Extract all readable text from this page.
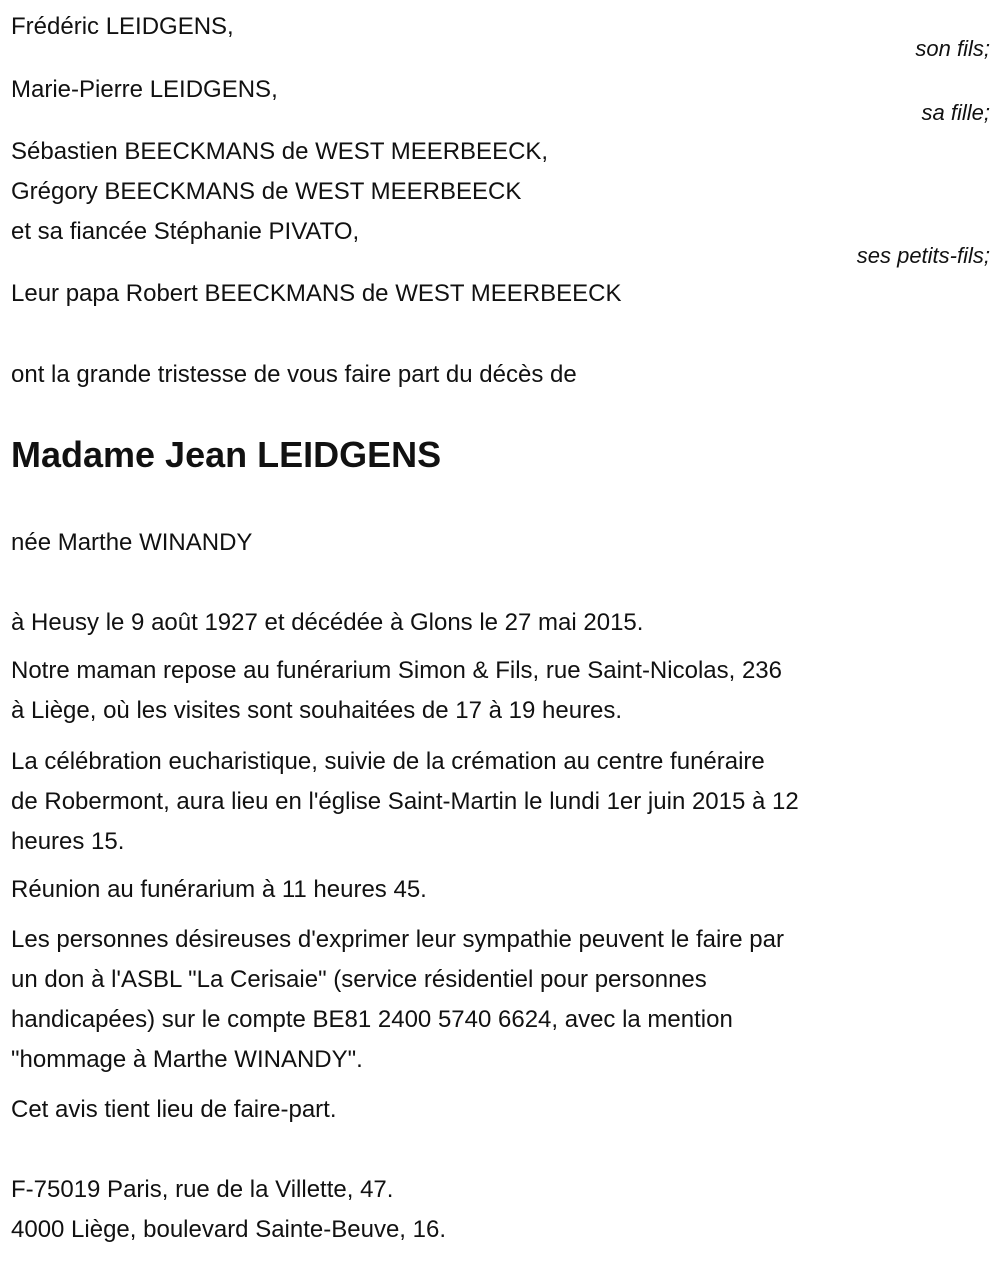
Frédéric LEIDGENS,
son fils;
Marie-Pierre LEIDGENS,
sa fille;
Sébastien BEECKMANS de WEST MEERBEECK,
Grégory BEECKMANS de WEST MEERBEECK
et sa fiancée Stéphanie PIVATO,
ses petits-fils;
Leur papa Robert BEECKMANS de WEST MEERBEECK
ont la grande tristesse de vous faire part du décès de
Madame Jean LEIDGENS
née Marthe WINANDY
à Heusy le 9 août 1927 et décédée à Glons le 27 mai 2015.
Notre maman repose au funérarium Simon & Fils, rue Saint-Nicolas, 236
à Liège, où les visites sont souhaitées de 17 à 19 heures.
La célébration eucharistique, suivie de la crémation au centre funéraire
de Robermont, aura lieu en l'église Saint-Martin le lundi 1er juin 2015 à 12
heures 15.
Réunion au funérarium à 11 heures 45.
Les personnes désireuses d'exprimer leur sympathie peuvent le faire par
un don à l'ASBL "La Cerisaie" (service résidentiel pour personnes
handicapées) sur le compte BE81 2400 5740 6624, avec la mention
"hommage à Marthe WINANDY".
Cet avis tient lieu de faire-part.
F-75019 Paris, rue de la Villette, 47.
4000 Liège, boulevard Sainte-Beuve, 16.
